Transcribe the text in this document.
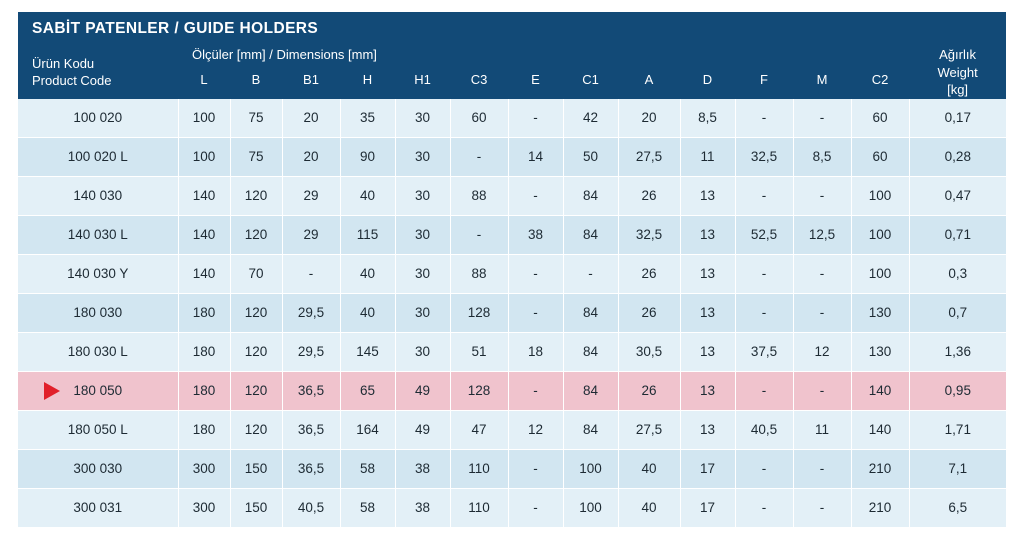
SABİT PATENLER / GUIDE HOLDERS														

Ürün Kodu
Product Code
	Ölçüler [mm] / Dimensions [mm]	Ağırlık
Weight
[kg]

	L	B	B1	H	H1	C3	E	C1	A	D	F	M	C2	
100 020	100	75	20	35	30	60	-	42	20	8,5	-	-	60	0,17
100 020 L	100	75	20	90	30	-	14	50	27,5	11	32,5	8,5	60	0,28
140 030	140	120	29	40	30	88	-	84	26	13	-	-	100	0,47
140 030 L	140	120	29	115	30	-	38	84	32,5	13	52,5	12,5	100	0,71
140 030 Y	140	70	-	40	30	88	-	-	26	13	-	-	100	0,3
180 030	180	120	29,5	40	30	128	-	84	26	13	-	-	130	0,7
180 030 L	180	120	29,5	145	30	51	18	84	30,5	13	37,5	12	130	1,36

180 050	180	120	36,5	65	49	128	-	84	26	13	-	-	140	0,95
180 050 L	180	120	36,5	164	49	47	12	84	27,5	13	40,5	11	140	1,71
300 030	300	150	36,5	58	38	110	-	100	40	17	-	-	210	7,1
300 031	300	150	40,5	58	38	110	-	100	40	17	-	-	210	6,5
